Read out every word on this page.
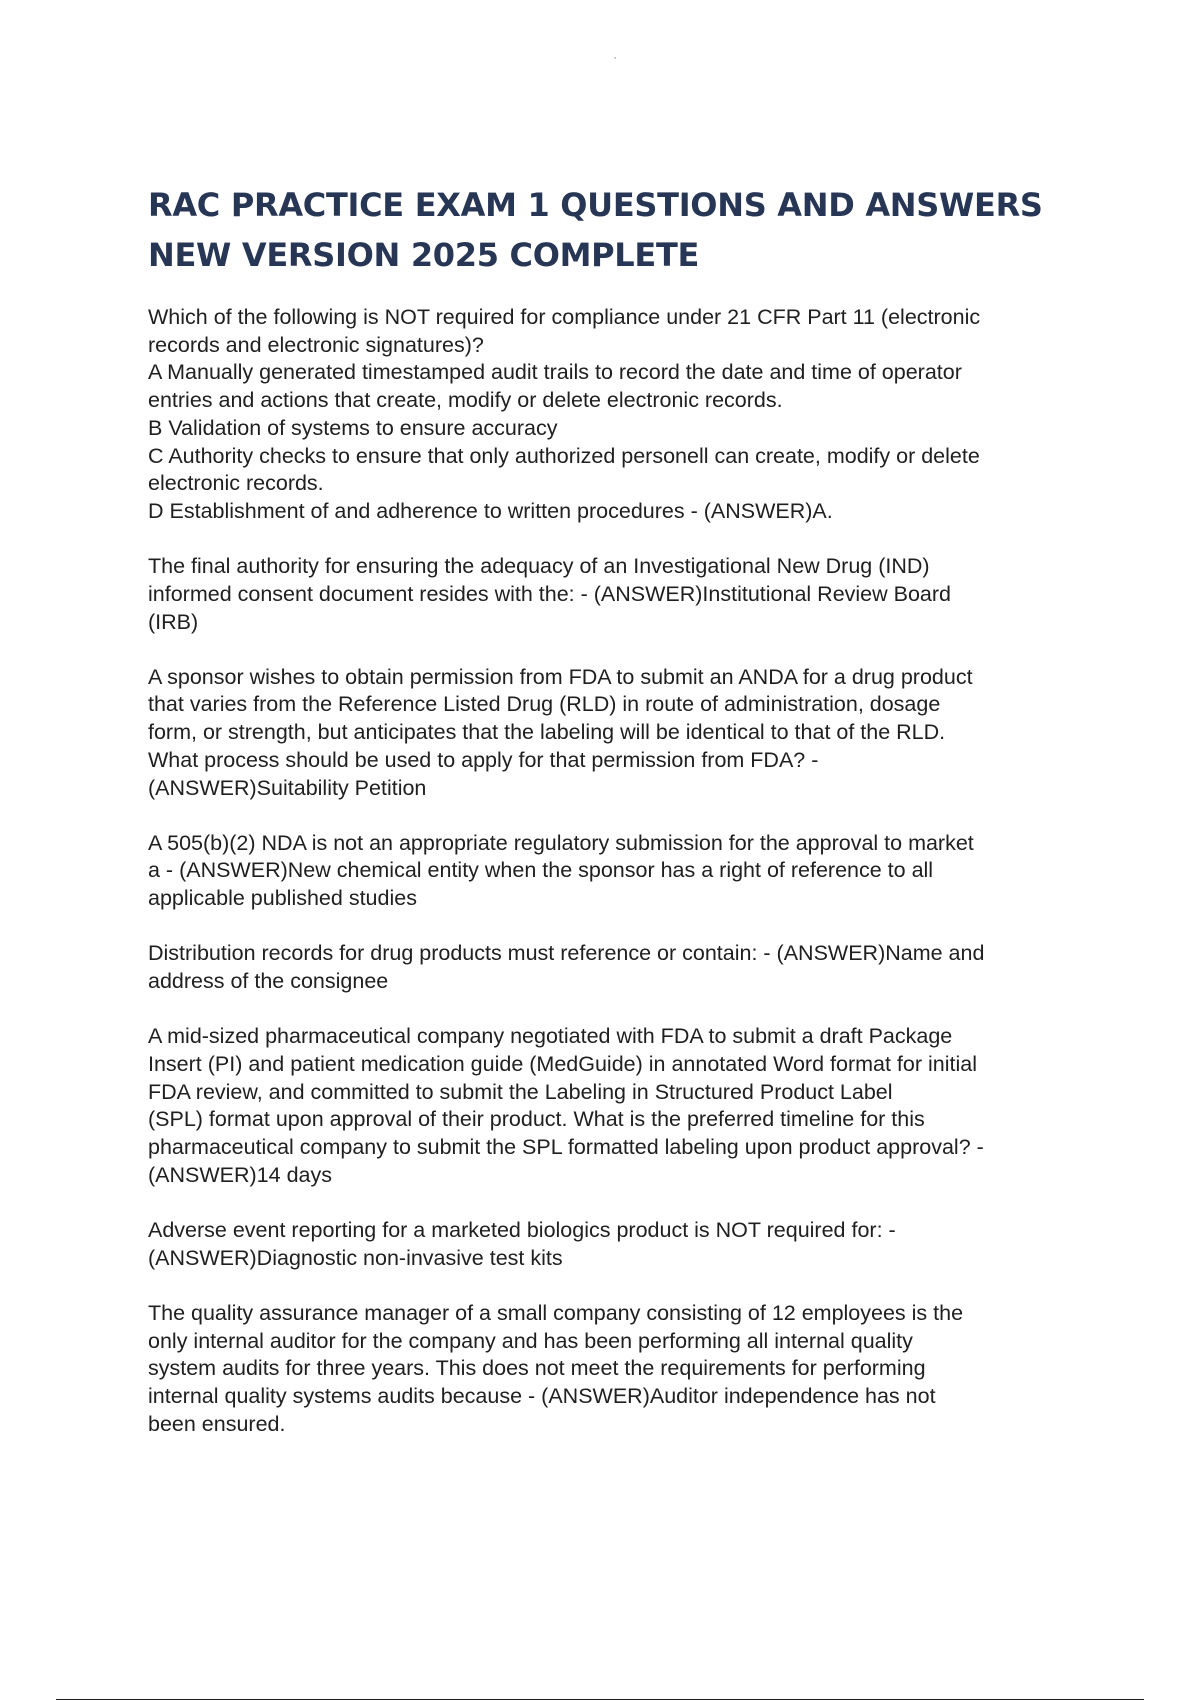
RAC PRACTICE EXAM 1 QUESTIONS AND ANSWERS
NEW VERSION 2025 COMPLETE
Which of the following is NOT required for compliance under 21 CFR Part 11 (electronic
records and electronic signatures)?
A Manually generated timestamped audit trails to record the date and time of operator
entries and actions that create, modify or delete electronic records.
B Validation of systems to ensure accuracy
C Authority checks to ensure that only authorized personell can create, modify or delete
electronic records.
D Establishment of and adherence to written procedures - (ANSWER)A.
The final authority for ensuring the adequacy of an Investigational New Drug (IND)
informed consent document resides with the: - (ANSWER)Institutional Review Board
(IRB)
A sponsor wishes to obtain permission from FDA to submit an ANDA for a drug product
that varies from the Reference Listed Drug (RLD) in route of administration, dosage
form, or strength, but anticipates that the labeling will be identical to that of the RLD.
What process should be used to apply for that permission from FDA? -
(ANSWER)Suitability Petition
A 505(b)(2) NDA is not an appropriate regulatory submission for the approval to market
a - (ANSWER)New chemical entity when the sponsor has a right of reference to all
applicable published studies
Distribution records for drug products must reference or contain: - (ANSWER)Name and
address of the consignee
A mid-sized pharmaceutical company negotiated with FDA to submit a draft Package
Insert (PI) and patient medication guide (MedGuide) in annotated Word format for initial
FDA review, and committed to submit the Labeling in Structured Product Label
(SPL) format upon approval of their product. What is the preferred timeline for this
pharmaceutical company to submit the SPL formatted labeling upon product approval? -
(ANSWER)14 days
Adverse event reporting for a marketed biologics product is NOT required for: -
(ANSWER)Diagnostic non-invasive test kits
The quality assurance manager of a small company consisting of 12 employees is the
only internal auditor for the company and has been performing all internal quality
system audits for three years. This does not meet the requirements for performing
internal quality systems audits because - (ANSWER)Auditor independence has not
been ensured.
